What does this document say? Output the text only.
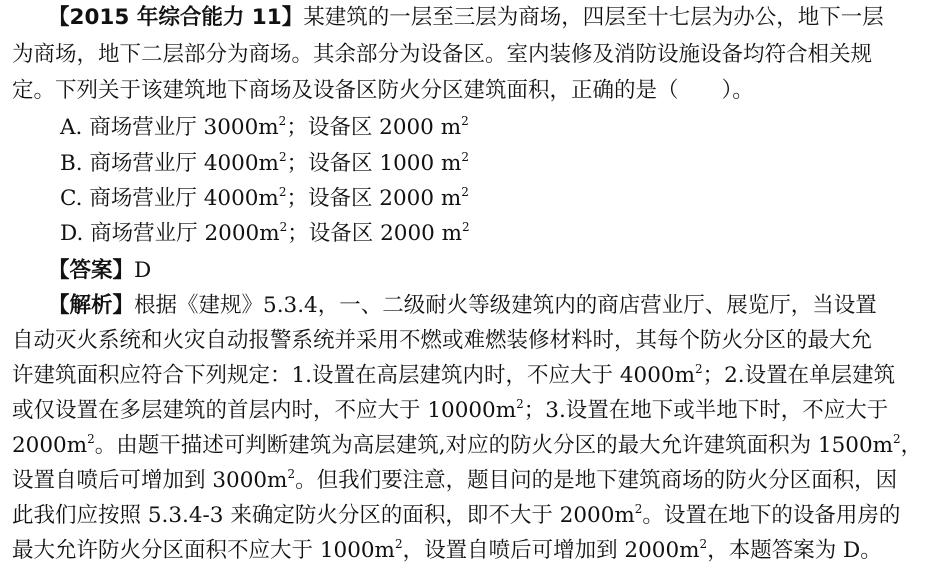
【2015 年综合能力 11】某建筑的一层至三层为商场，四层至十七层为办公，地下一层
为商场，地下二层部分为商场。其余部分为设备区。室内装修及消防设施设备均符合相关规
定。下列关于该建筑地下商场及设备区防火分区建筑面积，正确的是（　　）。
A. 商场营业厅 $3000m^2$；设备区 2000 $m^2$
B. 商场营业厅 $4000m^2$；设备区 1000 $m^2$
C. 商场营业厅 $4000m^2$；设备区 2000 $m^2$
D. 商场营业厅 $2000m^2$；设备区 2000 $m^2$
【答案】D
【解析】根据《建规》5.3.4，一、二级耐火等级建筑内的商店营业厅、展览厅，当设置
自动灭火系统和火灾自动报警系统并采用不燃或难燃装修材料时，其每个防火分区的最大允
许建筑面积应符合下列规定：1.设置在高层建筑内时，不应大于 $4000m^2$；2.设置在单层建筑
或仅设置在多层建筑的首层内时，不应大于 $10000m^2$；3.设置在地下或半地下时，不应大于
$2000m^2$。由题干描述可判断建筑为高层建筑,对应的防火分区的最大允许建筑面积为 $1500m^2$，
设置自喷后可增加到 $3000m^2$。但我们要注意，题目问的是地下建筑商场的防火分区面积，因
此我们应按照 5.3.4-3 来确定防火分区的面积，即不大于 $2000m^2$。设置在地下的设备用房的
最大允许防火分区面积不应大于 $1000m^2$，设置自喷后可增加到 $2000m^2$，本题答案为 D。
